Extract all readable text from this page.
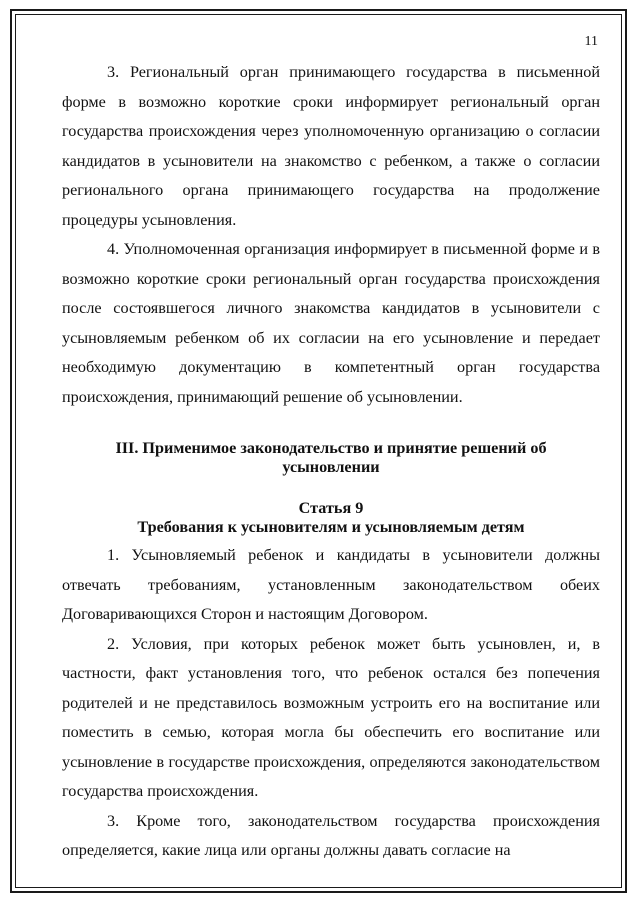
11

3. Региональный орган принимающего государства в письменной форме в возможно короткие сроки информирует региональный орган государства происхождения через уполномоченную организацию о согласии кандидатов в усыновители на знакомство с ребенком, а также о согласии регионального органа принимающего государства на продолжение процедуры усыновления.

4. Уполномоченная организация информирует в письменной форме и в возможно короткие сроки региональный орган государства происхождения после состоявшегося личного знакомства кандидатов в усыновители с усыновляемым ребенком об их согласии на его усыновление и передает необходимую документацию в компетентный орган государства происхождения, принимающий решение об усыновлении.

III. Применимое законодательство и принятие решений об
усыновлении
Статья 9
Требования к усыновителям и усыновляемым детям

1. Усыновляемый ребенок и кандидаты в усыновители должны отвечать требованиям, установленным законодательством обеих Договаривающихся Сторон и настоящим Договором.

2. Условия, при которых ребенок может быть усыновлен, и, в частности, факт установления того, что ребенок остался без попечения родителей и не представилось возможным устроить его на воспитание или поместить в семью, которая могла бы обеспечить его воспитание или усыновление в государстве происхождения, определяются законодательством государства происхождения.

3. Кроме того, законодательством государства происхождения определяется, какие лица или органы должны давать согласие на
